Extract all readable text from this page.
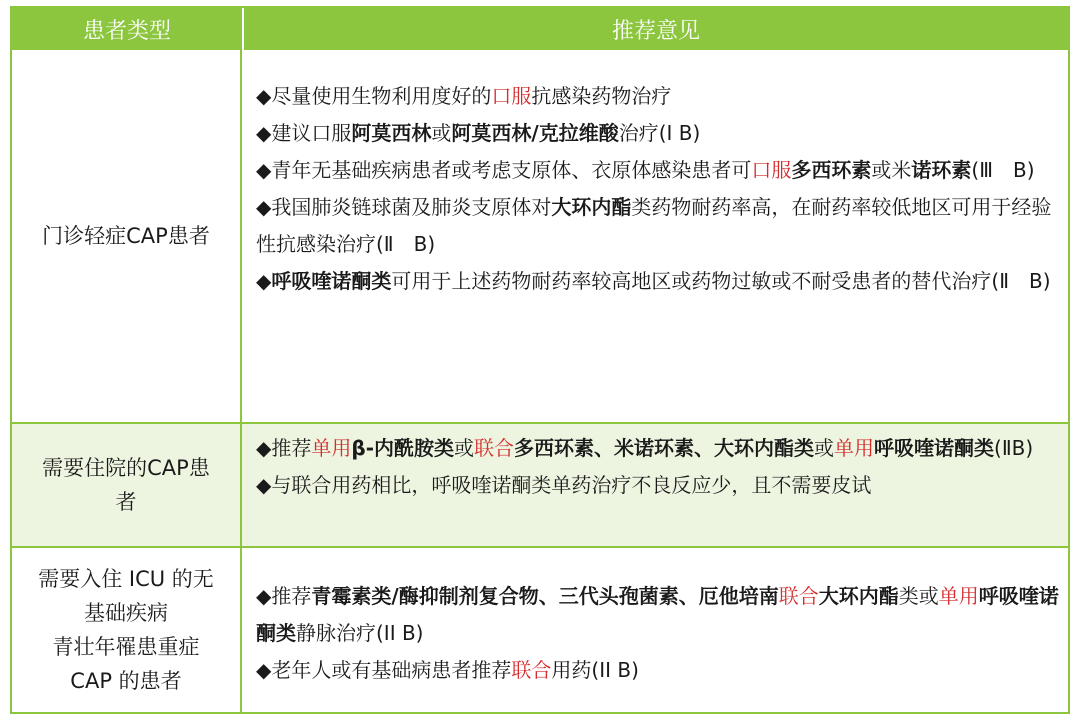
患者类型	推荐意见
门诊轻症CAP患者

◆尽量使用生物利用度好的口服抗感染药物治疗

◆建议口服阿莫西林或阿莫西林/克拉维酸治疗(I B)

◆青年无基础疾病患者或考虑支原体、衣原体感染患者可口服多西环素或米诺环素(Ⅲ　B)

◆我国肺炎链球菌及肺炎支原体对大环内酯类药物耐药率高，在耐药率较低地区可用于经验性抗感染治疗(Ⅱ　B)

◆呼吸喹诺酮类可用于上述药物耐药率较高地区或药物过敏或不耐受患者的替代治疗(Ⅱ　B)

需要住院的CAP患
者

◆推荐单用β-内酰胺类或联合多西环素、米诺环素、大环内酯类或单用呼吸喹诺酮类(ⅡB)

◆与联合用药相比，呼吸喹诺酮类单药治疗不良反应少，且不需要皮试

需要入住 ICU 的无
基础疾病
青壮年罹患重症
CAP 的患者

◆推荐青霉素类/酶抑制剂复合物、三代头孢菌素、厄他培南联合大环内酯类或单用呼吸喹诺酮类静脉治疗(II B)

◆老年人或有基础病患者推荐联合用药(II B)
